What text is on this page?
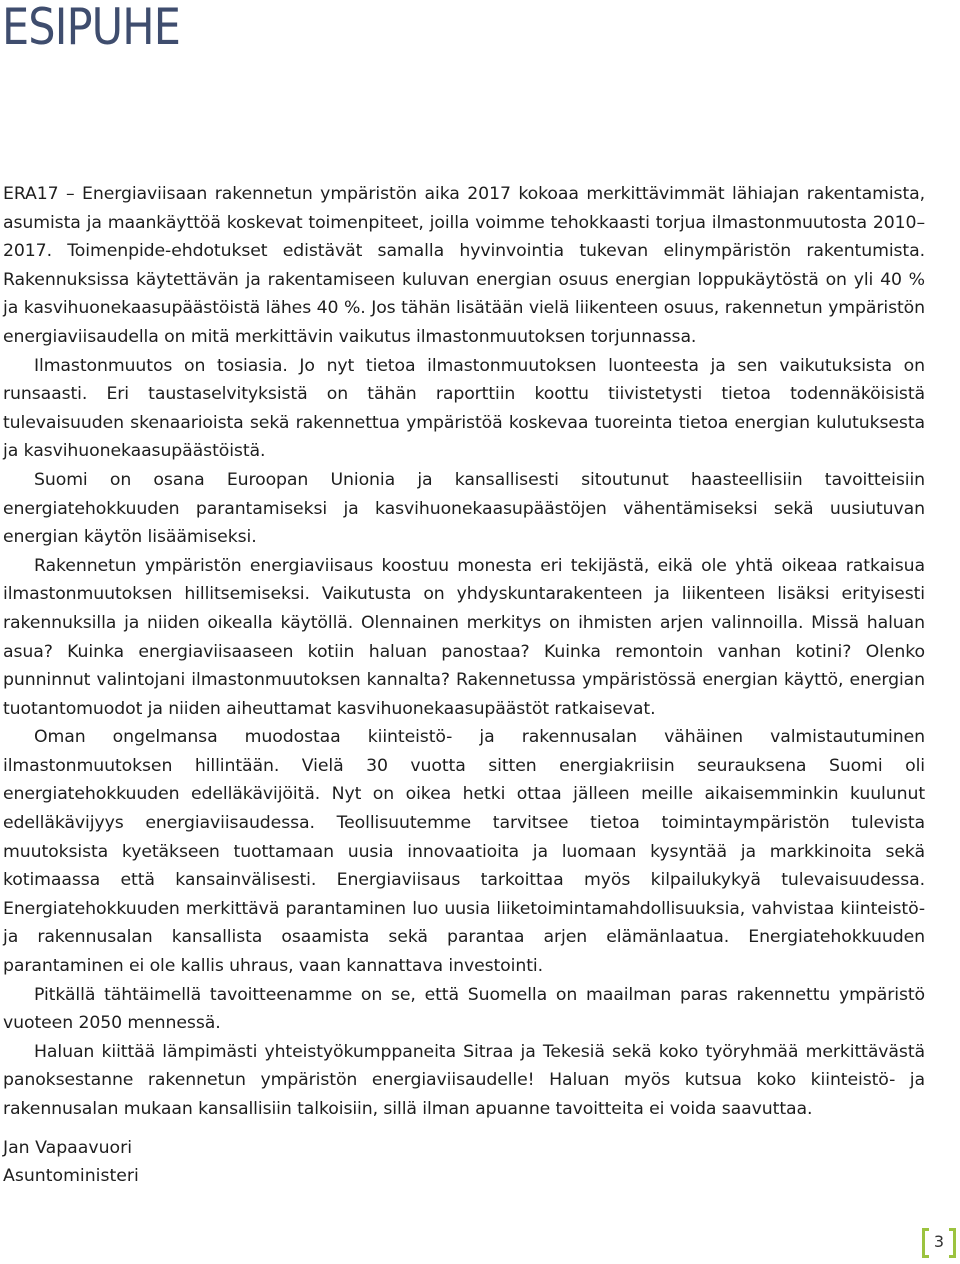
ESIPUHE

ERA17 – Energiaviisaan rakennetun ympäristön aika 2017 kokoaa merkittävimmät lähiajan rakentamista, asumista ja maankäyttöä koskevat toimenpiteet, joilla voimme tehokkaasti torjua ilmastonmuutosta 2010–2017. Toimenpide-ehdotukset edistävät samalla hyvinvointia tukevan elinympäristön rakentumista. Rakennuksissa käytettävän ja rakentamiseen kuluvan energian osuus energian loppukäytöstä on yli 40 % ja kasvihuonekaasupäästöistä lähes 40 %. Jos tähän lisätään vielä liikenteen osuus, rakennetun ympäristön energiaviisaudella on mitä merkittävin vaikutus ilmastonmuutoksen torjunnassa.

Ilmastonmuutos on tosiasia. Jo nyt tietoa ilmastonmuutoksen luonteesta ja sen vaikutuksista on runsaasti. Eri taustaselvityksistä on tähän raporttiin koottu tiivistetysti tietoa todennäköisistä tulevaisuuden skenaarioista sekä rakennettua ympäristöä koskevaa tuoreinta tietoa energian kulutuksesta ja kasvihuonekaasupäästöistä.

Suomi on osana Euroopan Unionia ja kansallisesti sitoutunut haasteellisiin tavoitteisiin energiatehokkuuden parantamiseksi ja kasvihuonekaasupäästöjen vähentämiseksi sekä uusiutuvan energian käytön lisäämiseksi.

Rakennetun ympäristön energiaviisaus koostuu monesta eri tekijästä, eikä ole yhtä oikeaa ratkaisua ilmastonmuutoksen hillitsemiseksi. Vaikutusta on yhdyskuntarakenteen ja liikenteen lisäksi erityisesti rakennuksilla ja niiden oikealla käytöllä. Olennainen merkitys on ihmisten arjen valinnoilla. Missä haluan asua? Kuinka energiaviisaaseen kotiin haluan panostaa? Kuinka remontoin vanhan kotini? Olenko punninnut valintojani ilmastonmuutoksen kannalta? Rakennetussa ympäristössä energian käyttö, energian tuotantomuodot ja niiden aiheuttamat kasvihuonekaasupäästöt ratkaisevat.

Oman ongelmansa muodostaa kiinteistö- ja rakennusalan vähäinen valmistautuminen ilmastonmuutoksen hillintään. Vielä 30 vuotta sitten energiakriisin seurauksena Suomi oli energiatehokkuuden edelläkävijöitä. Nyt on oikea hetki ottaa jälleen meille aikaisemminkin kuulunut edelläkävijyys energiaviisaudessa. Teollisuutemme tarvitsee tietoa toimintaympäristön tulevista muutoksista kyetäkseen tuottamaan uusia innovaatioita ja luomaan kysyntää ja markkinoita sekä kotimaassa että kansainvälisesti. Energiaviisaus tarkoittaa myös kilpailukykyä tulevaisuudessa. Energiatehokkuuden merkittävä parantaminen luo uusia liiketoimintamahdollisuuksia, vahvistaa kiinteistö- ja rakennusalan kansallista osaamista sekä parantaa arjen elämänlaatua. Energiatehokkuuden parantaminen ei ole kallis uhraus, vaan kannattava investointi.

Pitkällä tähtäimellä tavoitteenamme on se, että Suomella on maailman paras rakennettu ympäristö vuoteen 2050 mennessä.

Haluan kiittää lämpimästi yhteistyökumppaneita Sitraa ja Tekesiä sekä koko työryhmää merkittävästä panoksestanne rakennetun ympäristön energiaviisaudelle! Haluan myös kutsua koko kiinteistö- ja rakennusalan mukaan kansallisiin talkoisiin, sillä ilman apuanne tavoitteita ei voida saavuttaa.

Jan Vapaavuori
Asuntoministeri
3
